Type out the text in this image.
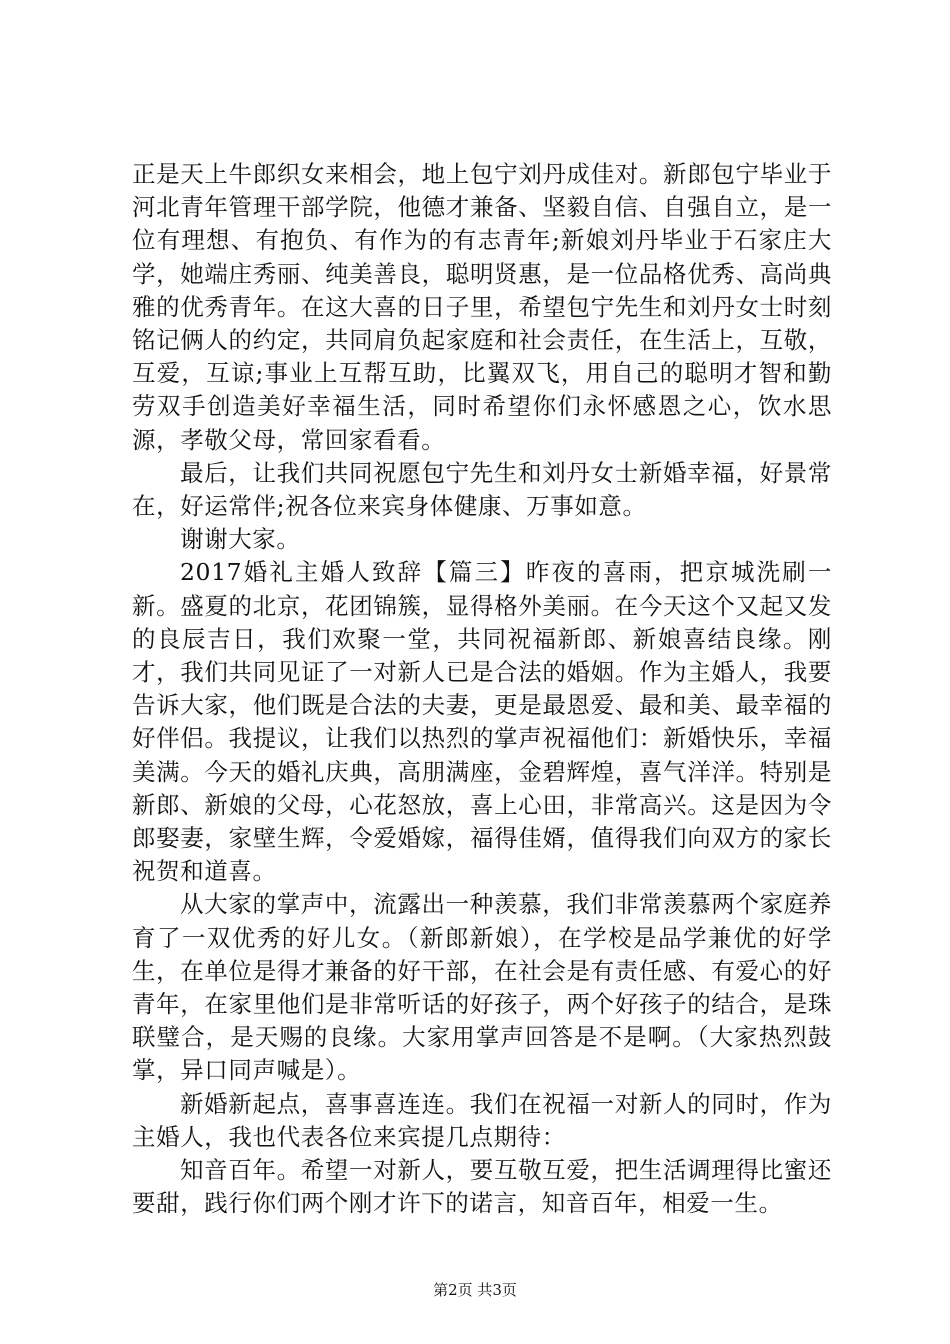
正是天上牛郎织女来相会，地上包宁刘丹成佳对。新郎包宁毕业于河北青年管理干部学院，他德才兼备、坚毅自信、自强自立，是一位有理想、有抱负、有作为的有志青年;新娘刘丹毕业于石家庄大学，她端庄秀丽、纯美善良，聪明贤惠，是一位品格优秀、高尚典雅的优秀青年。在这大喜的日子里，希望包宁先生和刘丹女士时刻铭记俩人的约定，共同肩负起家庭和社会责任，在生活上，互敬，互爱，互谅;事业上互帮互助，比翼双飞，用自己的聪明才智和勤劳双手创造美好幸福生活，同时希望你们永怀感恩之心，饮水思源，孝敬父母，常回家看看。

最后，让我们共同祝愿包宁先生和刘丹女士新婚幸福，好景常在，好运常伴;祝各位来宾身体健康、万事如意。

谢谢大家。

2017婚礼主婚人致辞【篇三】昨夜的喜雨，把京城洗刷一新。盛夏的北京，花团锦簇，显得格外美丽。在今天这个又起又发的良辰吉日，我们欢聚一堂，共同祝福新郎、新娘喜结良缘。刚才，我们共同见证了一对新人已是合法的婚姻。作为主婚人，我要告诉大家，他们既是合法的夫妻，更是最恩爱、最和美、最幸福的好伴侣。我提议，让我们以热烈的掌声祝福他们：新婚快乐，幸福美满。今天的婚礼庆典，高朋满座，金碧辉煌，喜气洋洋。特别是新郎、新娘的父母，心花怒放，喜上心田，非常高兴。这是因为令郎娶妻，家壁生辉，令爱婚嫁，福得佳婿，值得我们向双方的家长祝贺和道喜。

从大家的掌声中，流露出一种羡慕，我们非常羡慕两个家庭养育了一双优秀的好儿女。（新郎新娘），在学校是品学兼优的好学生，在单位是得才兼备的好干部，在社会是有责任感、有爱心的好青年，在家里他们是非常听话的好孩子，两个好孩子的结合，是珠联璧合，是天赐的良缘。大家用掌声回答是不是啊。（大家热烈鼓掌，异口同声喊是）。

新婚新起点，喜事喜连连。我们在祝福一对新人的同时，作为主婚人，我也代表各位来宾提几点期待：

知音百年。希望一对新人，要互敬互爱，把生活调理得比蜜还要甜，践行你们两个刚才许下的诺言，知音百年，相爱一生。

第2页 共3页
